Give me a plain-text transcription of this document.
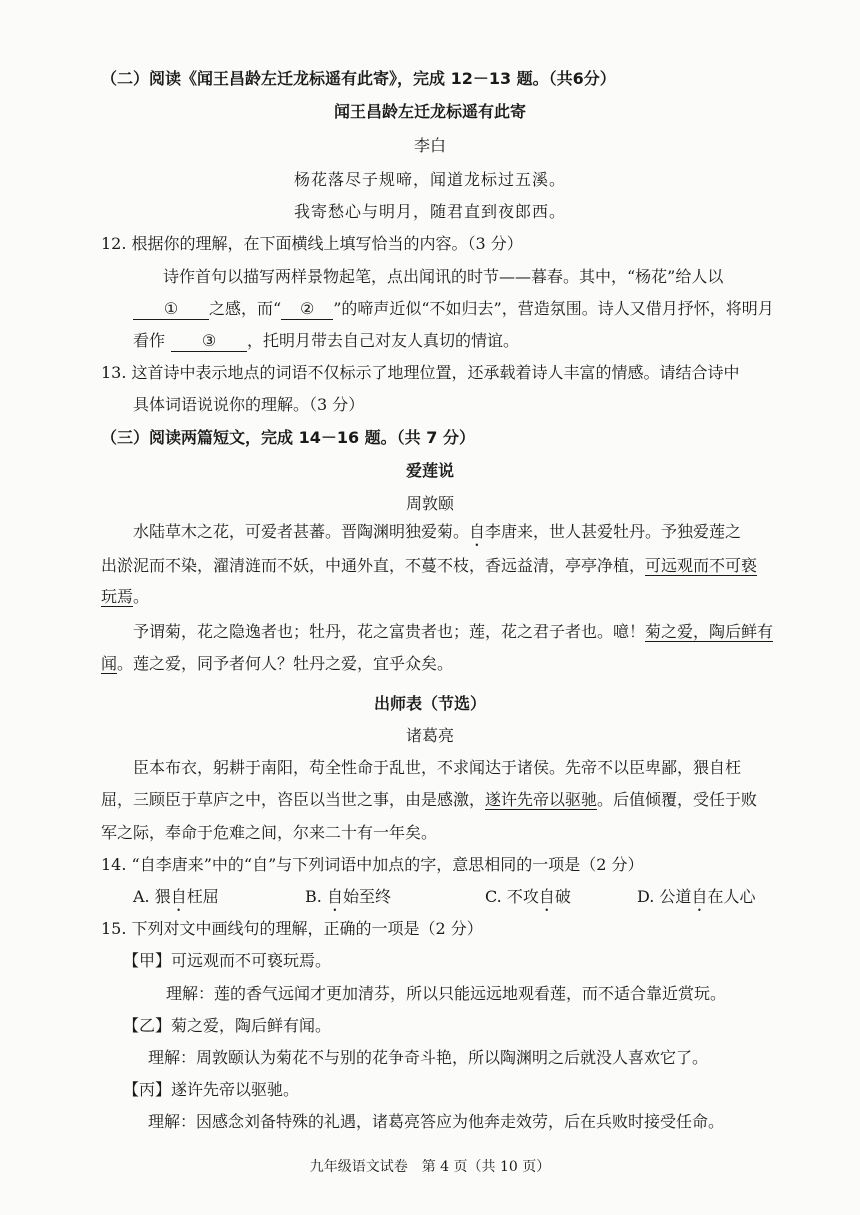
（二）阅读《闻王昌龄左迁龙标遥有此寄》，完成 12－13 题。（共6分）
闻王昌龄左迁龙标遥有此寄
李白
杨花落尽子规啼，闻道龙标过五溪。
我寄愁心与明月，随君直到夜郎西。
12. 根据你的理解，在下面横线上填写恰当的内容。（3 分）
诗作首句以描写两样景物起笔，点出闻讯的时节——暮春。其中，“杨花”给人以
① 之感，而“ ② ”的啼声近似“不如归去”，营造氛围。诗人又借月抒怀，将明月
看作 ③ ，托明月带去自己对友人真切的情谊。
13. 这首诗中表示地点的词语不仅标示了地理位置，还承载着诗人丰富的情感。请结合诗中
具体词语说说你的理解。（3 分）
（三）阅读两篇短文，完成 14－16 题。（共 7 分）
爱莲说
周敦颐
水陆草木之花，可爱者甚蕃。晋陶渊明独爱菊。自李唐来，世人甚爱牡丹。予独爱莲之
出淤泥而不染，濯清涟而不妖，中通外直，不蔓不枝，香远益清，亭亭净植，可远观而不可亵
玩焉。
予谓菊，花之隐逸者也；牡丹，花之富贵者也；莲，花之君子者也。噫！菊之爱，陶后鲜有
闻。莲之爱，同予者何人？牡丹之爱，宜乎众矣。
出师表（节选）
诸葛亮
臣本布衣，躬耕于南阳，苟全性命于乱世，不求闻达于诸侯。先帝不以臣卑鄙，猥自枉
屈，三顾臣于草庐之中，咨臣以当世之事，由是感激，遂许先帝以驱驰。后值倾覆，受任于败
军之际，奉命于危难之间，尔来二十有一年矣。
14. “自李唐来”中的“自”与下列词语中加点的字，意思相同的一项是（2 分）
A. 猥自枉屈	B. 自始至终	C. 不攻自破	D. 公道自在人心
15. 下列对文中画线句的理解，正确的一项是（2 分）
【甲】可远观而不可亵玩焉。
理解：莲的香气远闻才更加清芬，所以只能远远地观看莲，而不适合靠近赏玩。
【乙】菊之爱，陶后鲜有闻。
理解：周敦颐认为菊花不与别的花争奇斗艳，所以陶渊明之后就没人喜欢它了。
【丙】遂许先帝以驱驰。
理解：因感念刘备特殊的礼遇，诸葛亮答应为他奔走效劳，后在兵败时接受任命。
九年级语文试卷　第 4 页（共 10 页）
